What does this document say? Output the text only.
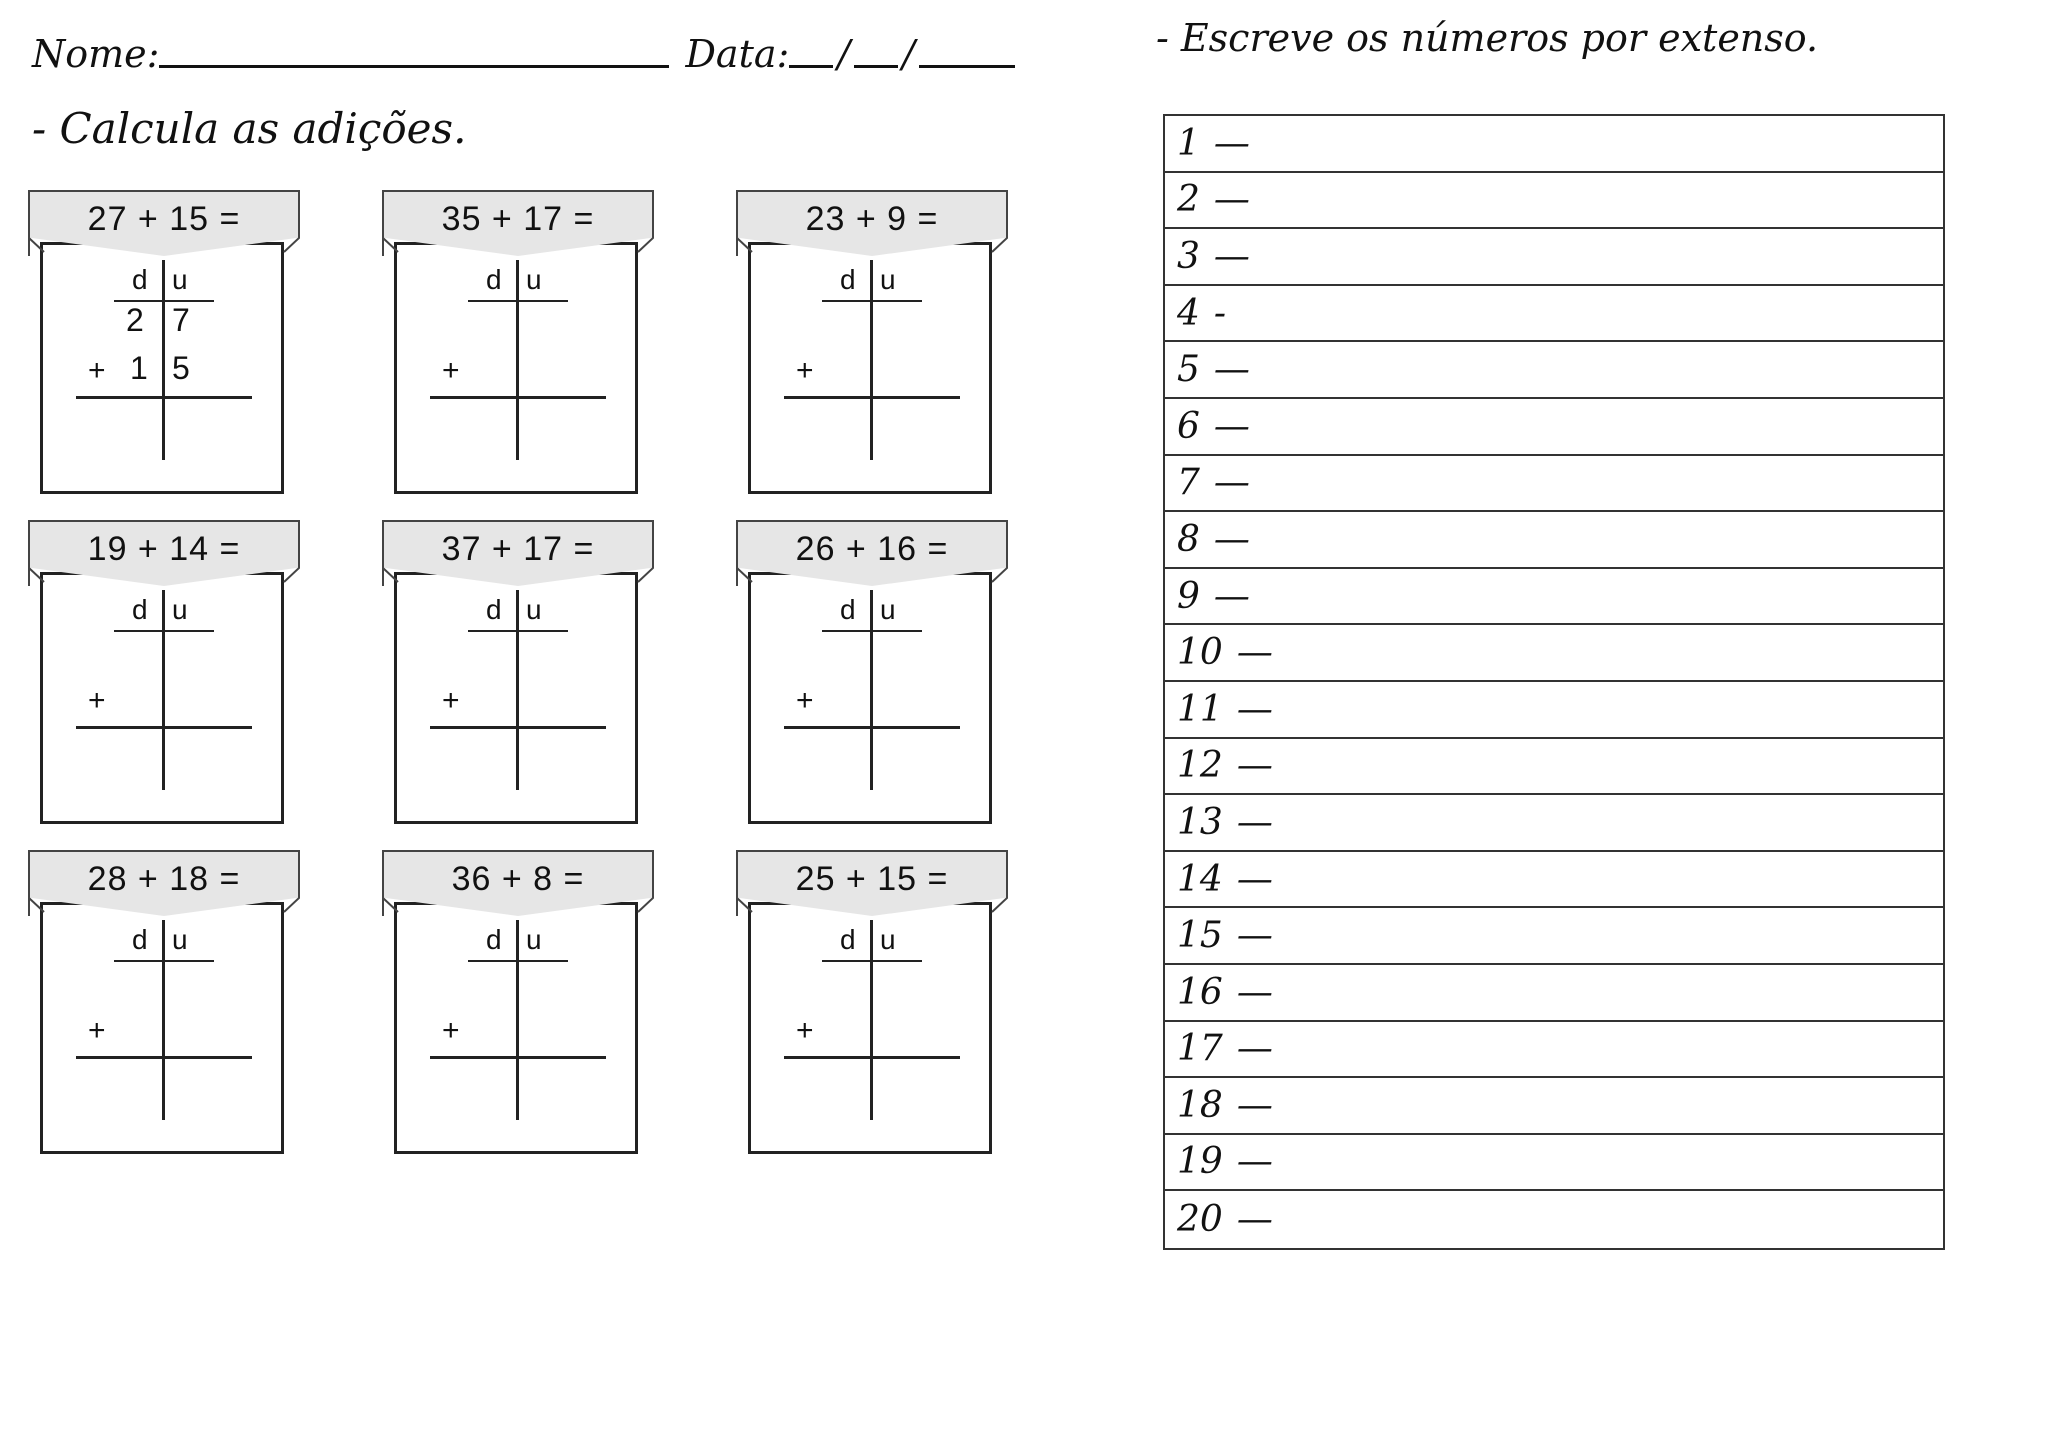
Nome:	Data: / /
- Calcula as adições.
- Escreve os números por extenso.
27 + 15 =
d u
+
2 7
1 5
35 + 17 =
d u
+
23 + 9 =
d u
+
19 + 14 =
d u
+
37 + 17 =
d u
+
26 + 16 =
d u
+
28 + 18 =
d u
+
36 + 8 =
d u
+
25 + 15 =
d u
+
1 —
2 —
3 —
4 -
5 —
6 —
7 —
8 —
9 —
10 —
11 —
12 —
13 —
14 —
15 —
16 —
17 —
18 —
19 —
20 —
